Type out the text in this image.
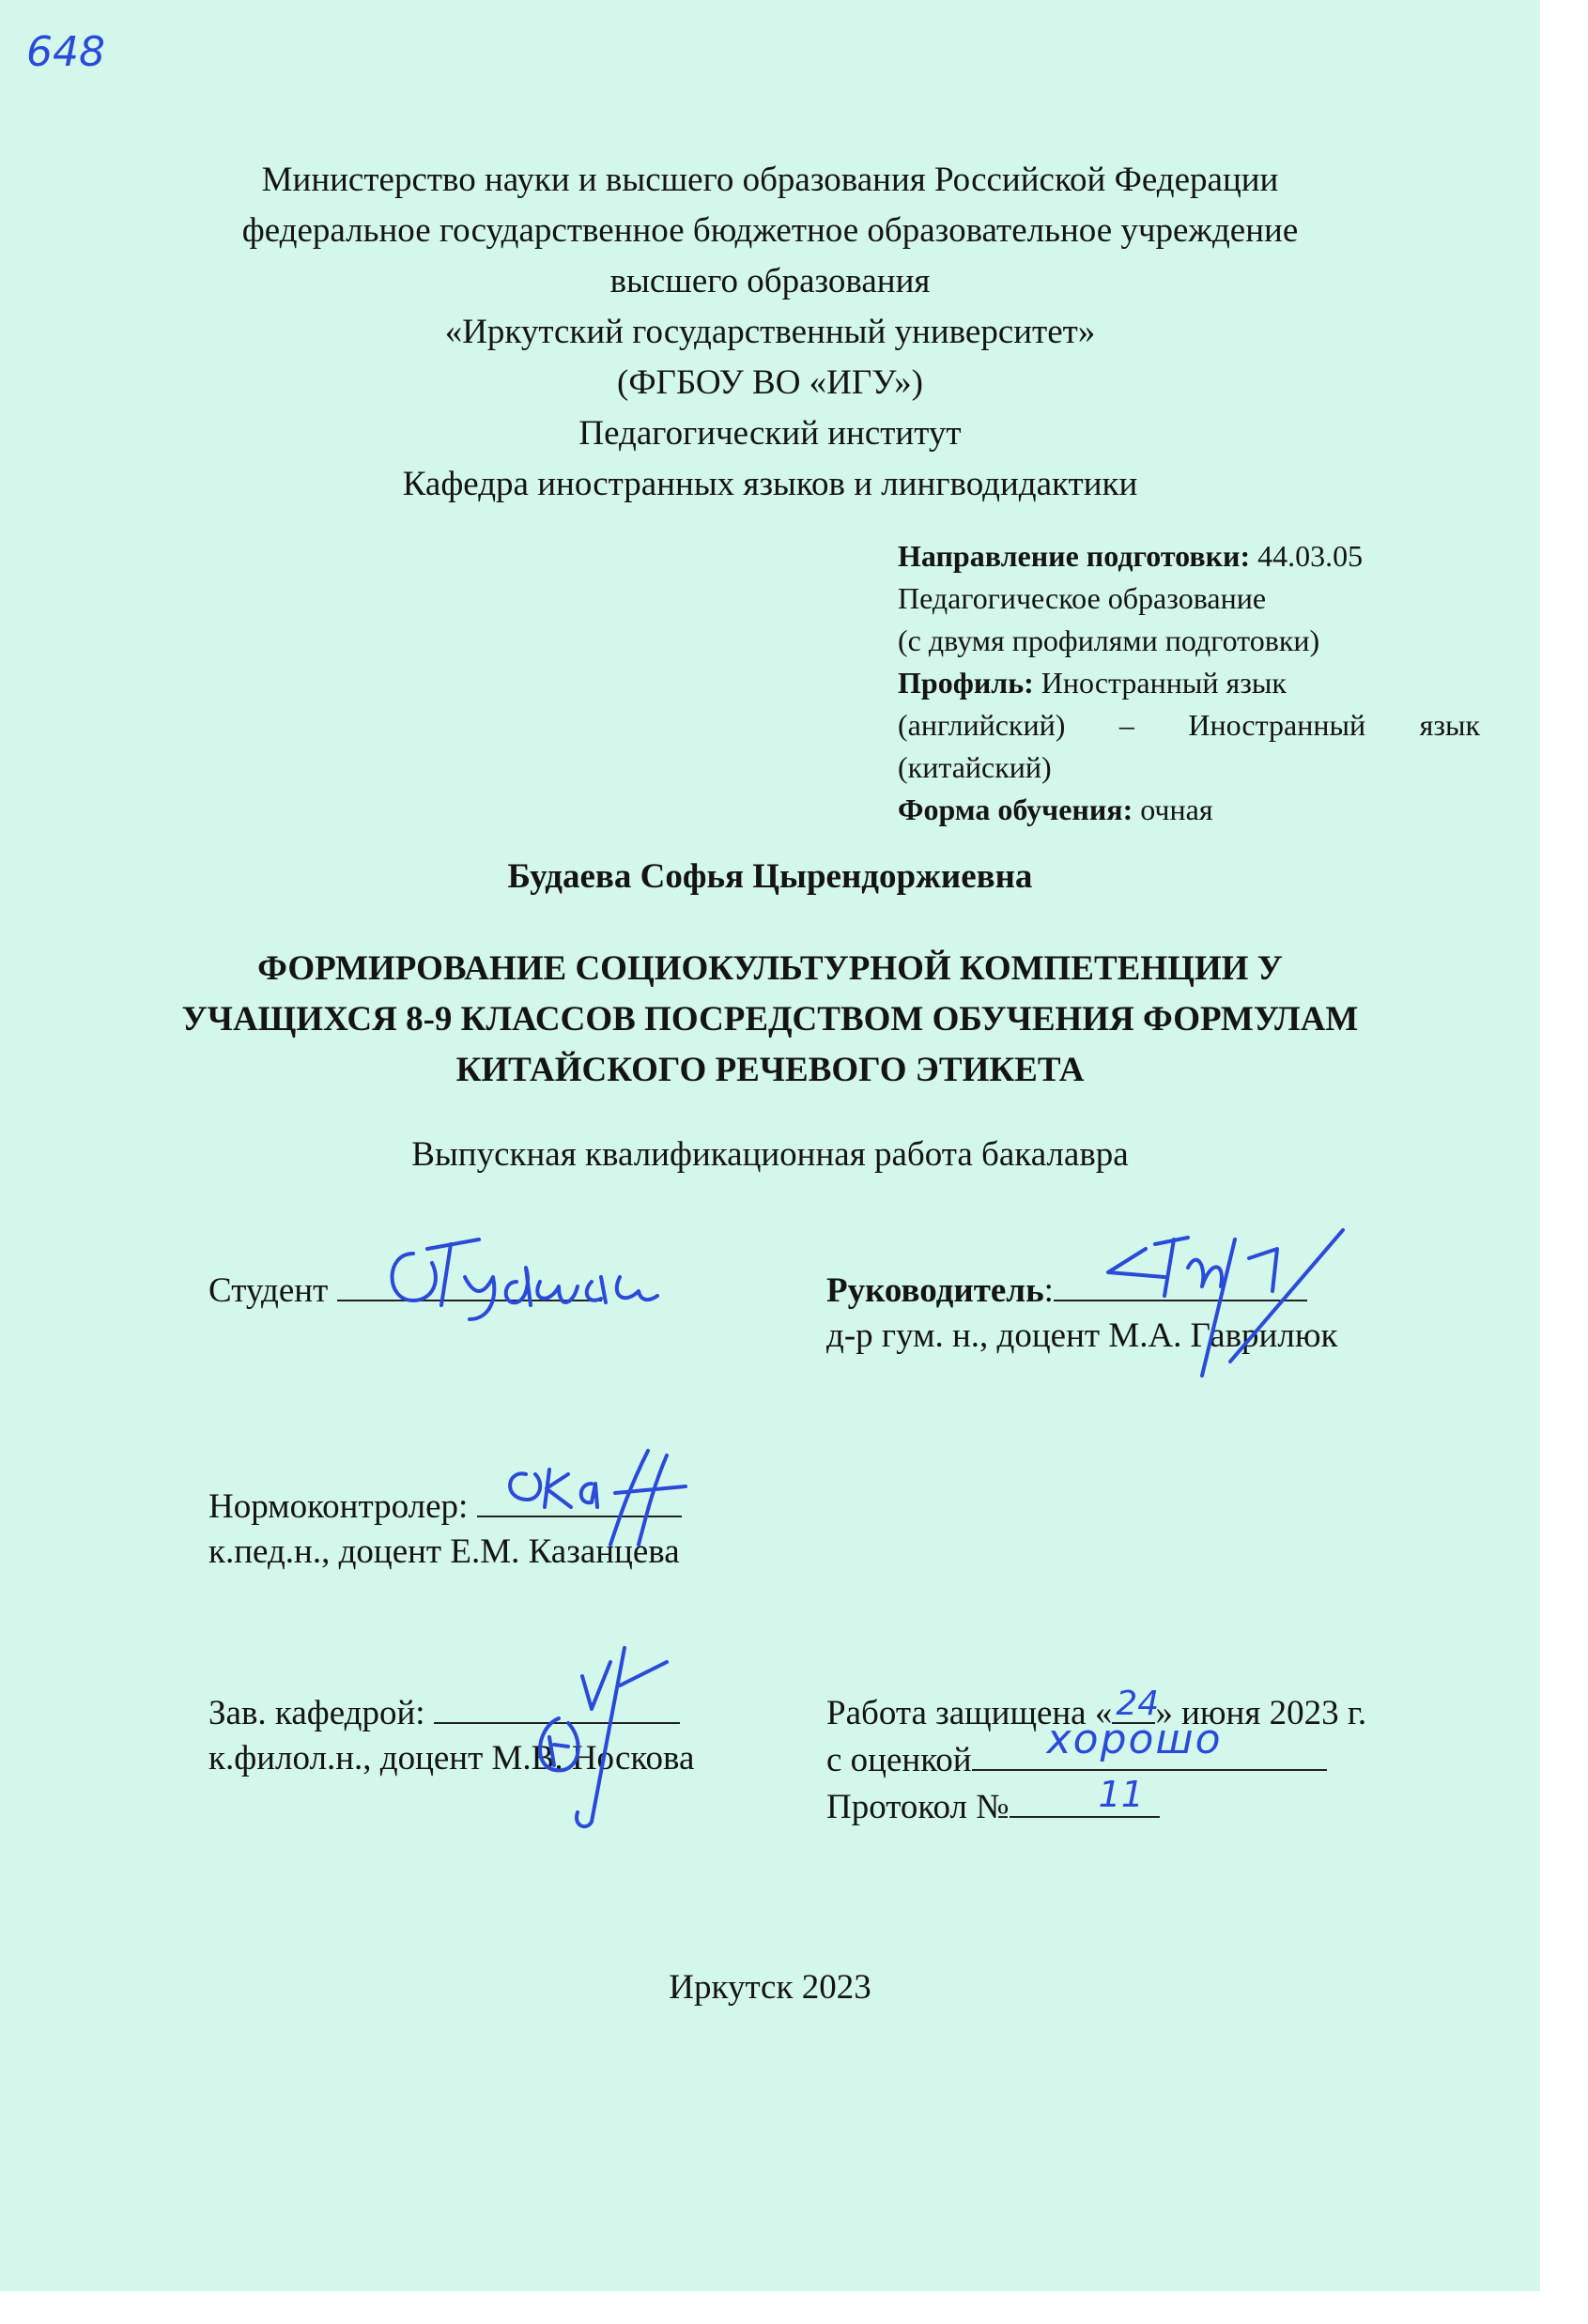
648
Министерство науки и высшего образования Российской Федерации
федеральное государственное бюджетное образовательное учреждение
высшего образования
«Иркутский государственный университет»
(ФГБОУ ВО «ИГУ»)
Педагогический институт
Кафедра иностранных языков и лингводидактики
Направление подготовки: 44.03.05
Педагогическое образование
(с двумя профилями подготовки)
Профиль: Иностранный язык
(английский) – Иностранный язык
(китайский)
Форма обучения: очная
Будаева Софья Цырендоржиевна
ФОРМИРОВАНИЕ СОЦИОКУЛЬТУРНОЙ КОМПЕТЕНЦИИ У
УЧАЩИХСЯ 8-9 КЛАССОВ ПОСРЕДСТВОМ ОБУЧЕНИЯ ФОРМУЛАМ
КИТАЙСКОГО РЕЧЕВОГО ЭТИКЕТА
Выпускная квалификационная работа бакалавра
Студент	Руководитель:
д-р гум. н., доцент М.А. Гаврилюк
Нормоконтролер:
к.пед.н., доцент Е.М. Казанцева
Зав. кафедрой:
к.филол.н., доцент М.В. Носкова
Работа защищена « 24
» июня 2023 г.
с оценкой хорошо
Протокол №	11
Иркутск 2023
